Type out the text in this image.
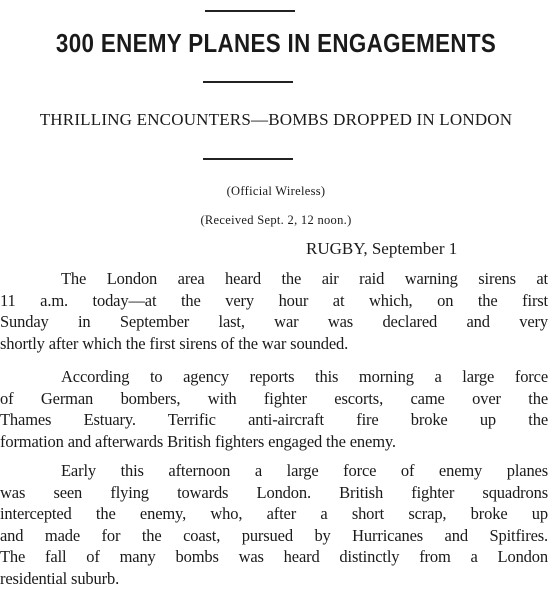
300 ENEMY PLANES IN ENGAGEMENTS
THRILLING ENCOUNTERS—BOMBS DROPPED IN LONDON
(Official Wireless)
(Received Sept. 2, 12 noon.)
RUGBY, September 1
The London area heard the air raid warning sirens at
11 a.m. today—at the very hour at which, on the first
Sunday in September last, war was declared and very
shortly after which the first sirens of the war sounded.
According to agency reports this morning a large force
of German bombers, with fighter escorts, came over the
Thames Estuary. Terrific anti-aircraft fire broke up the
formation and afterwards British fighters engaged the enemy.
Early this afternoon a large force of enemy planes
was seen flying towards London. British fighter squadrons
intercepted the enemy, who, after a short scrap, broke up
and made for the coast, pursued by Hurricanes and Spitfires.
The fall of many bombs was heard distinctly from a London
residential suburb.
